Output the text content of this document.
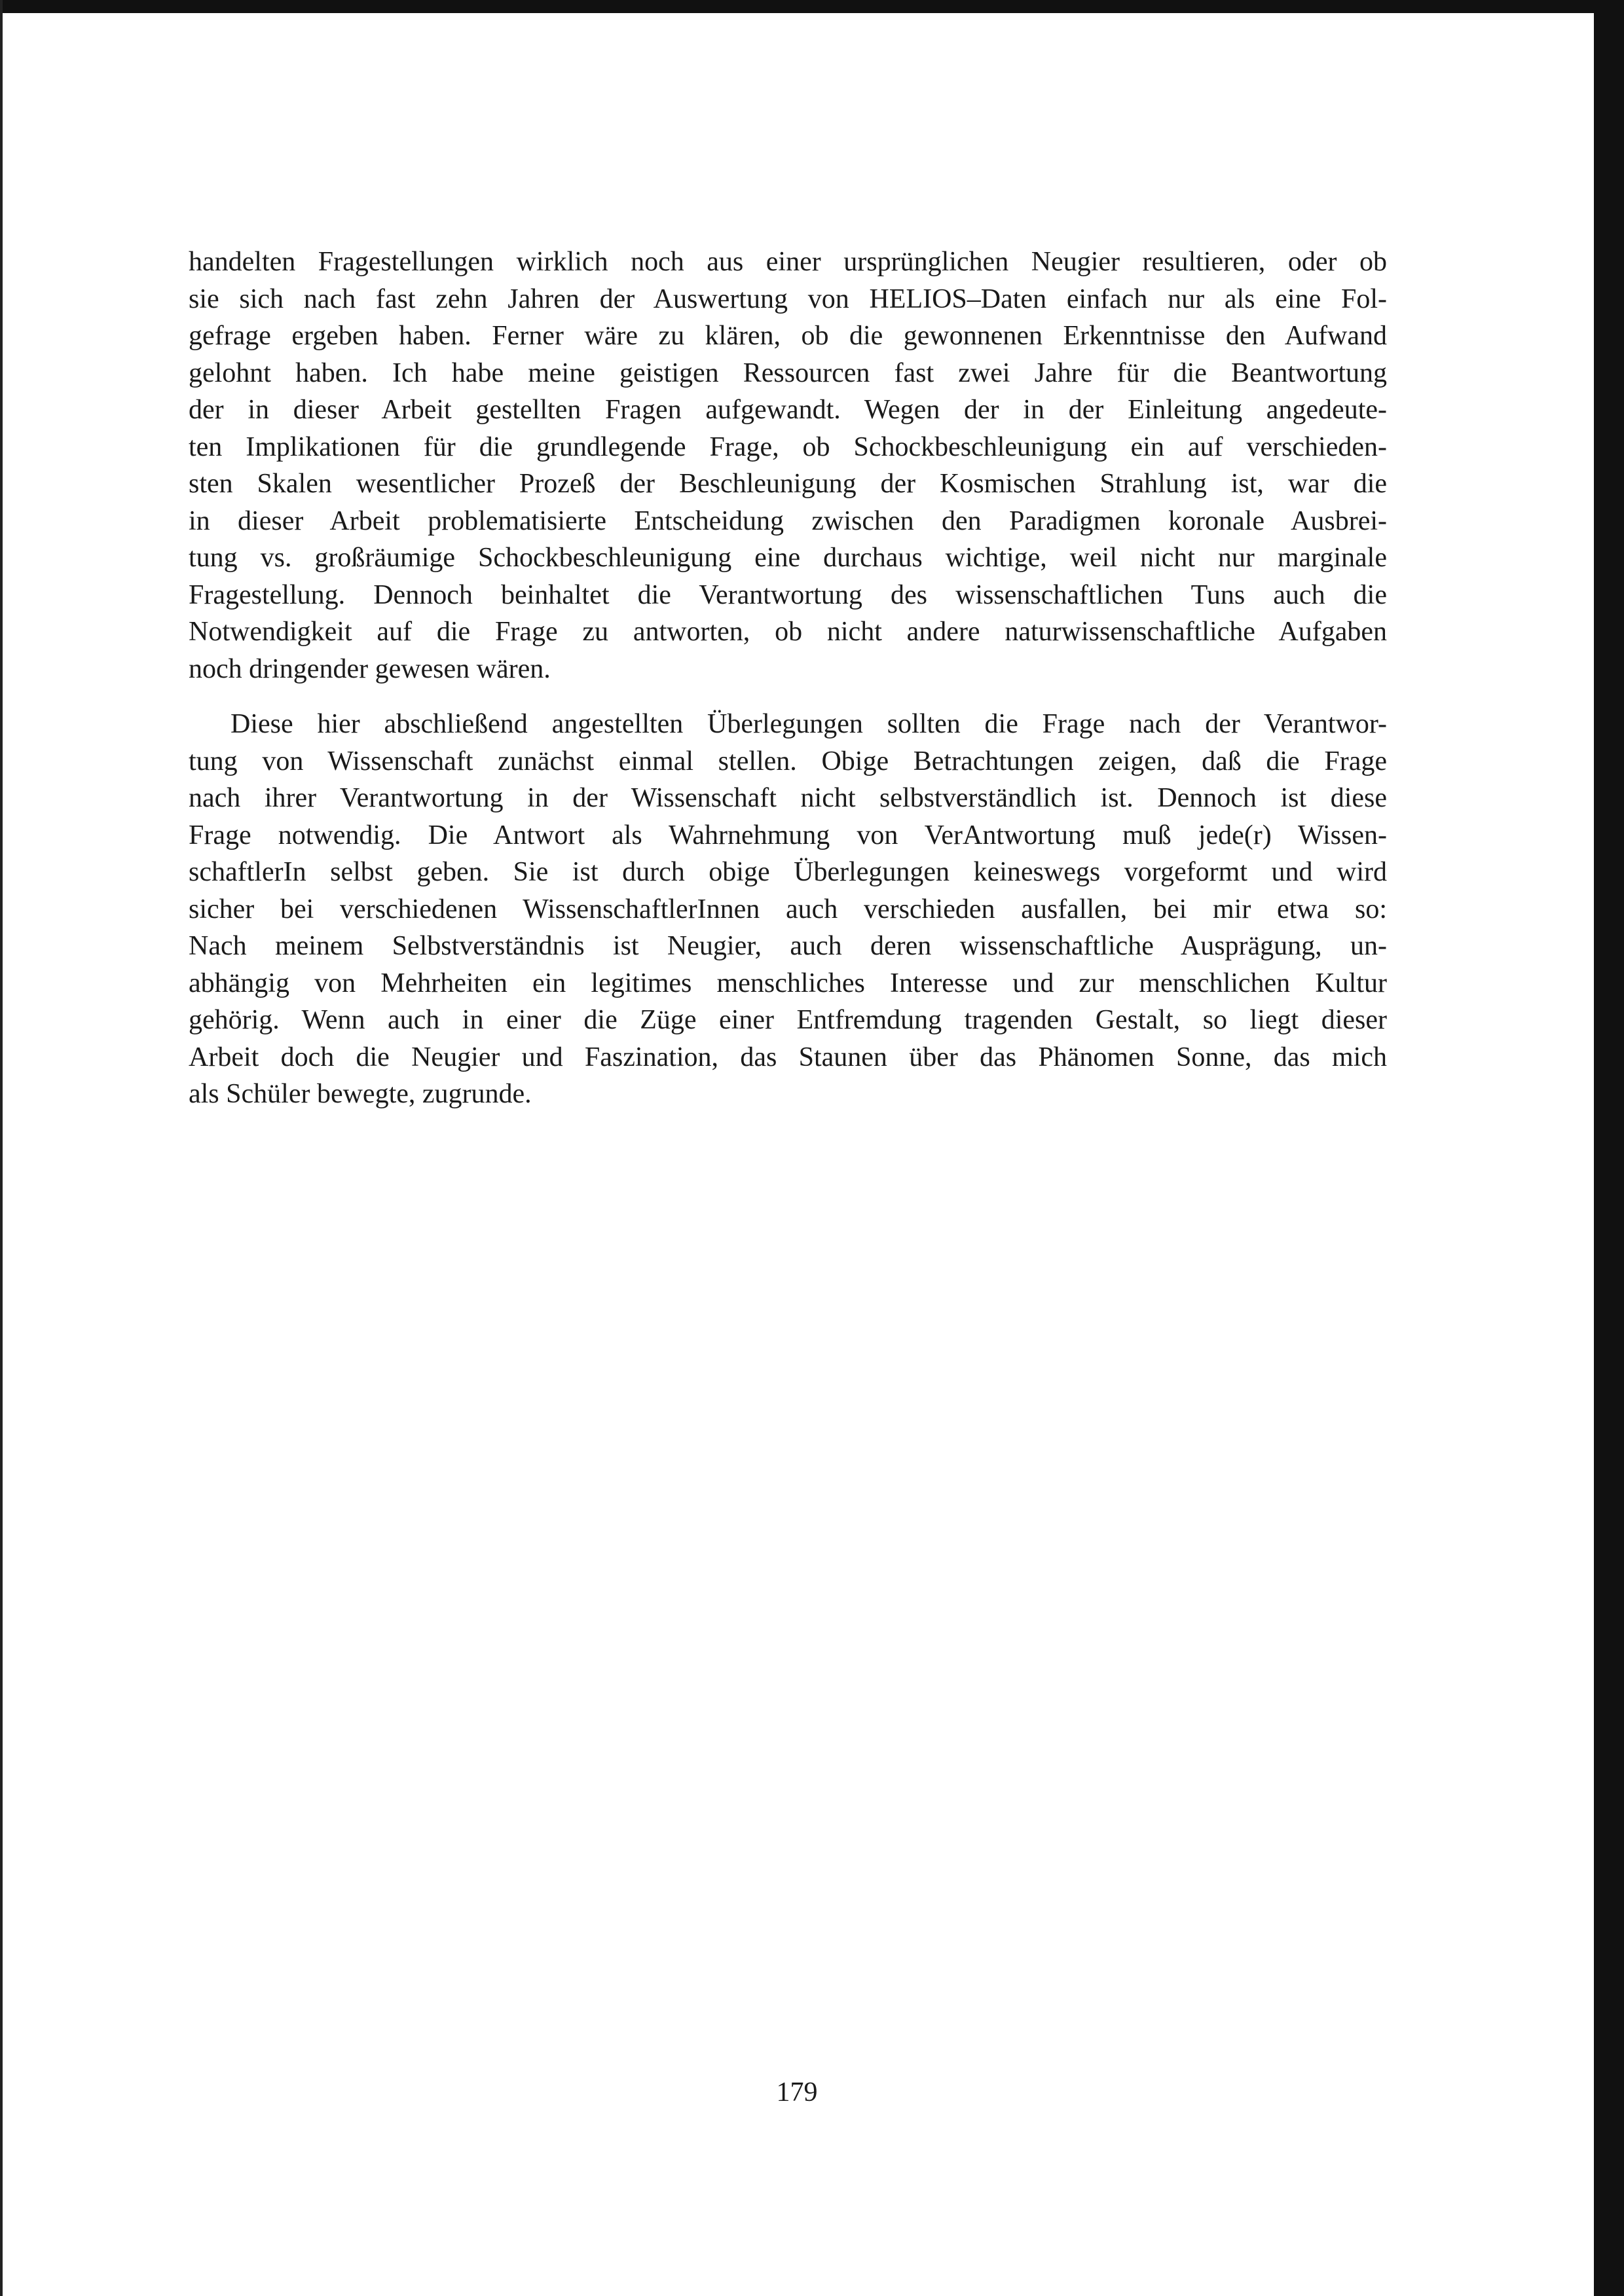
handelten Fragestellungen wirklich noch aus einer ursprünglichen Neugier resultieren, oder ob
sie sich nach fast zehn Jahren der Auswertung von HELIOS–Daten einfach nur als eine Fol-
gefrage ergeben haben. Ferner wäre zu klären, ob die gewonnenen Erkenntnisse den Aufwand
gelohnt haben. Ich habe meine geistigen Ressourcen fast zwei Jahre für die Beantwortung
der in dieser Arbeit gestellten Fragen aufgewandt. Wegen der in der Einleitung angedeute-
ten Implikationen für die grundlegende Frage, ob Schockbeschleunigung ein auf verschieden-
sten Skalen wesentlicher Prozeß der Beschleunigung der Kosmischen Strahlung ist, war die
in dieser Arbeit problematisierte Entscheidung zwischen den Paradigmen koronale Ausbrei-
tung vs. großräumige Schockbeschleunigung eine durchaus wichtige, weil nicht nur marginale
Fragestellung. Dennoch beinhaltet die Verantwortung des wissenschaftlichen Tuns auch die
Notwendigkeit auf die Frage zu antworten, ob nicht andere naturwissenschaftliche Aufgaben
noch dringender gewesen wären.
Diese hier abschließend angestellten Überlegungen sollten die Frage nach der Verantwor-
tung von Wissenschaft zunächst einmal stellen. Obige Betrachtungen zeigen, daß die Frage
nach ihrer Verantwortung in der Wissenschaft nicht selbstverständlich ist. Dennoch ist diese
Frage notwendig. Die Antwort als Wahrnehmung von VerAntwortung muß jede(r) Wissen-
schaftlerIn selbst geben. Sie ist durch obige Überlegungen keineswegs vorgeformt und wird
sicher bei verschiedenen WissenschaftlerInnen auch verschieden ausfallen, bei mir etwa so:
Nach meinem Selbstverständnis ist Neugier, auch deren wissenschaftliche Ausprägung, un-
abhängig von Mehrheiten ein legitimes menschliches Interesse und zur menschlichen Kultur
gehörig. Wenn auch in einer die Züge einer Entfremdung tragenden Gestalt, so liegt dieser
Arbeit doch die Neugier und Faszination, das Staunen über das Phänomen Sonne, das mich
als Schüler bewegte, zugrunde.
179
